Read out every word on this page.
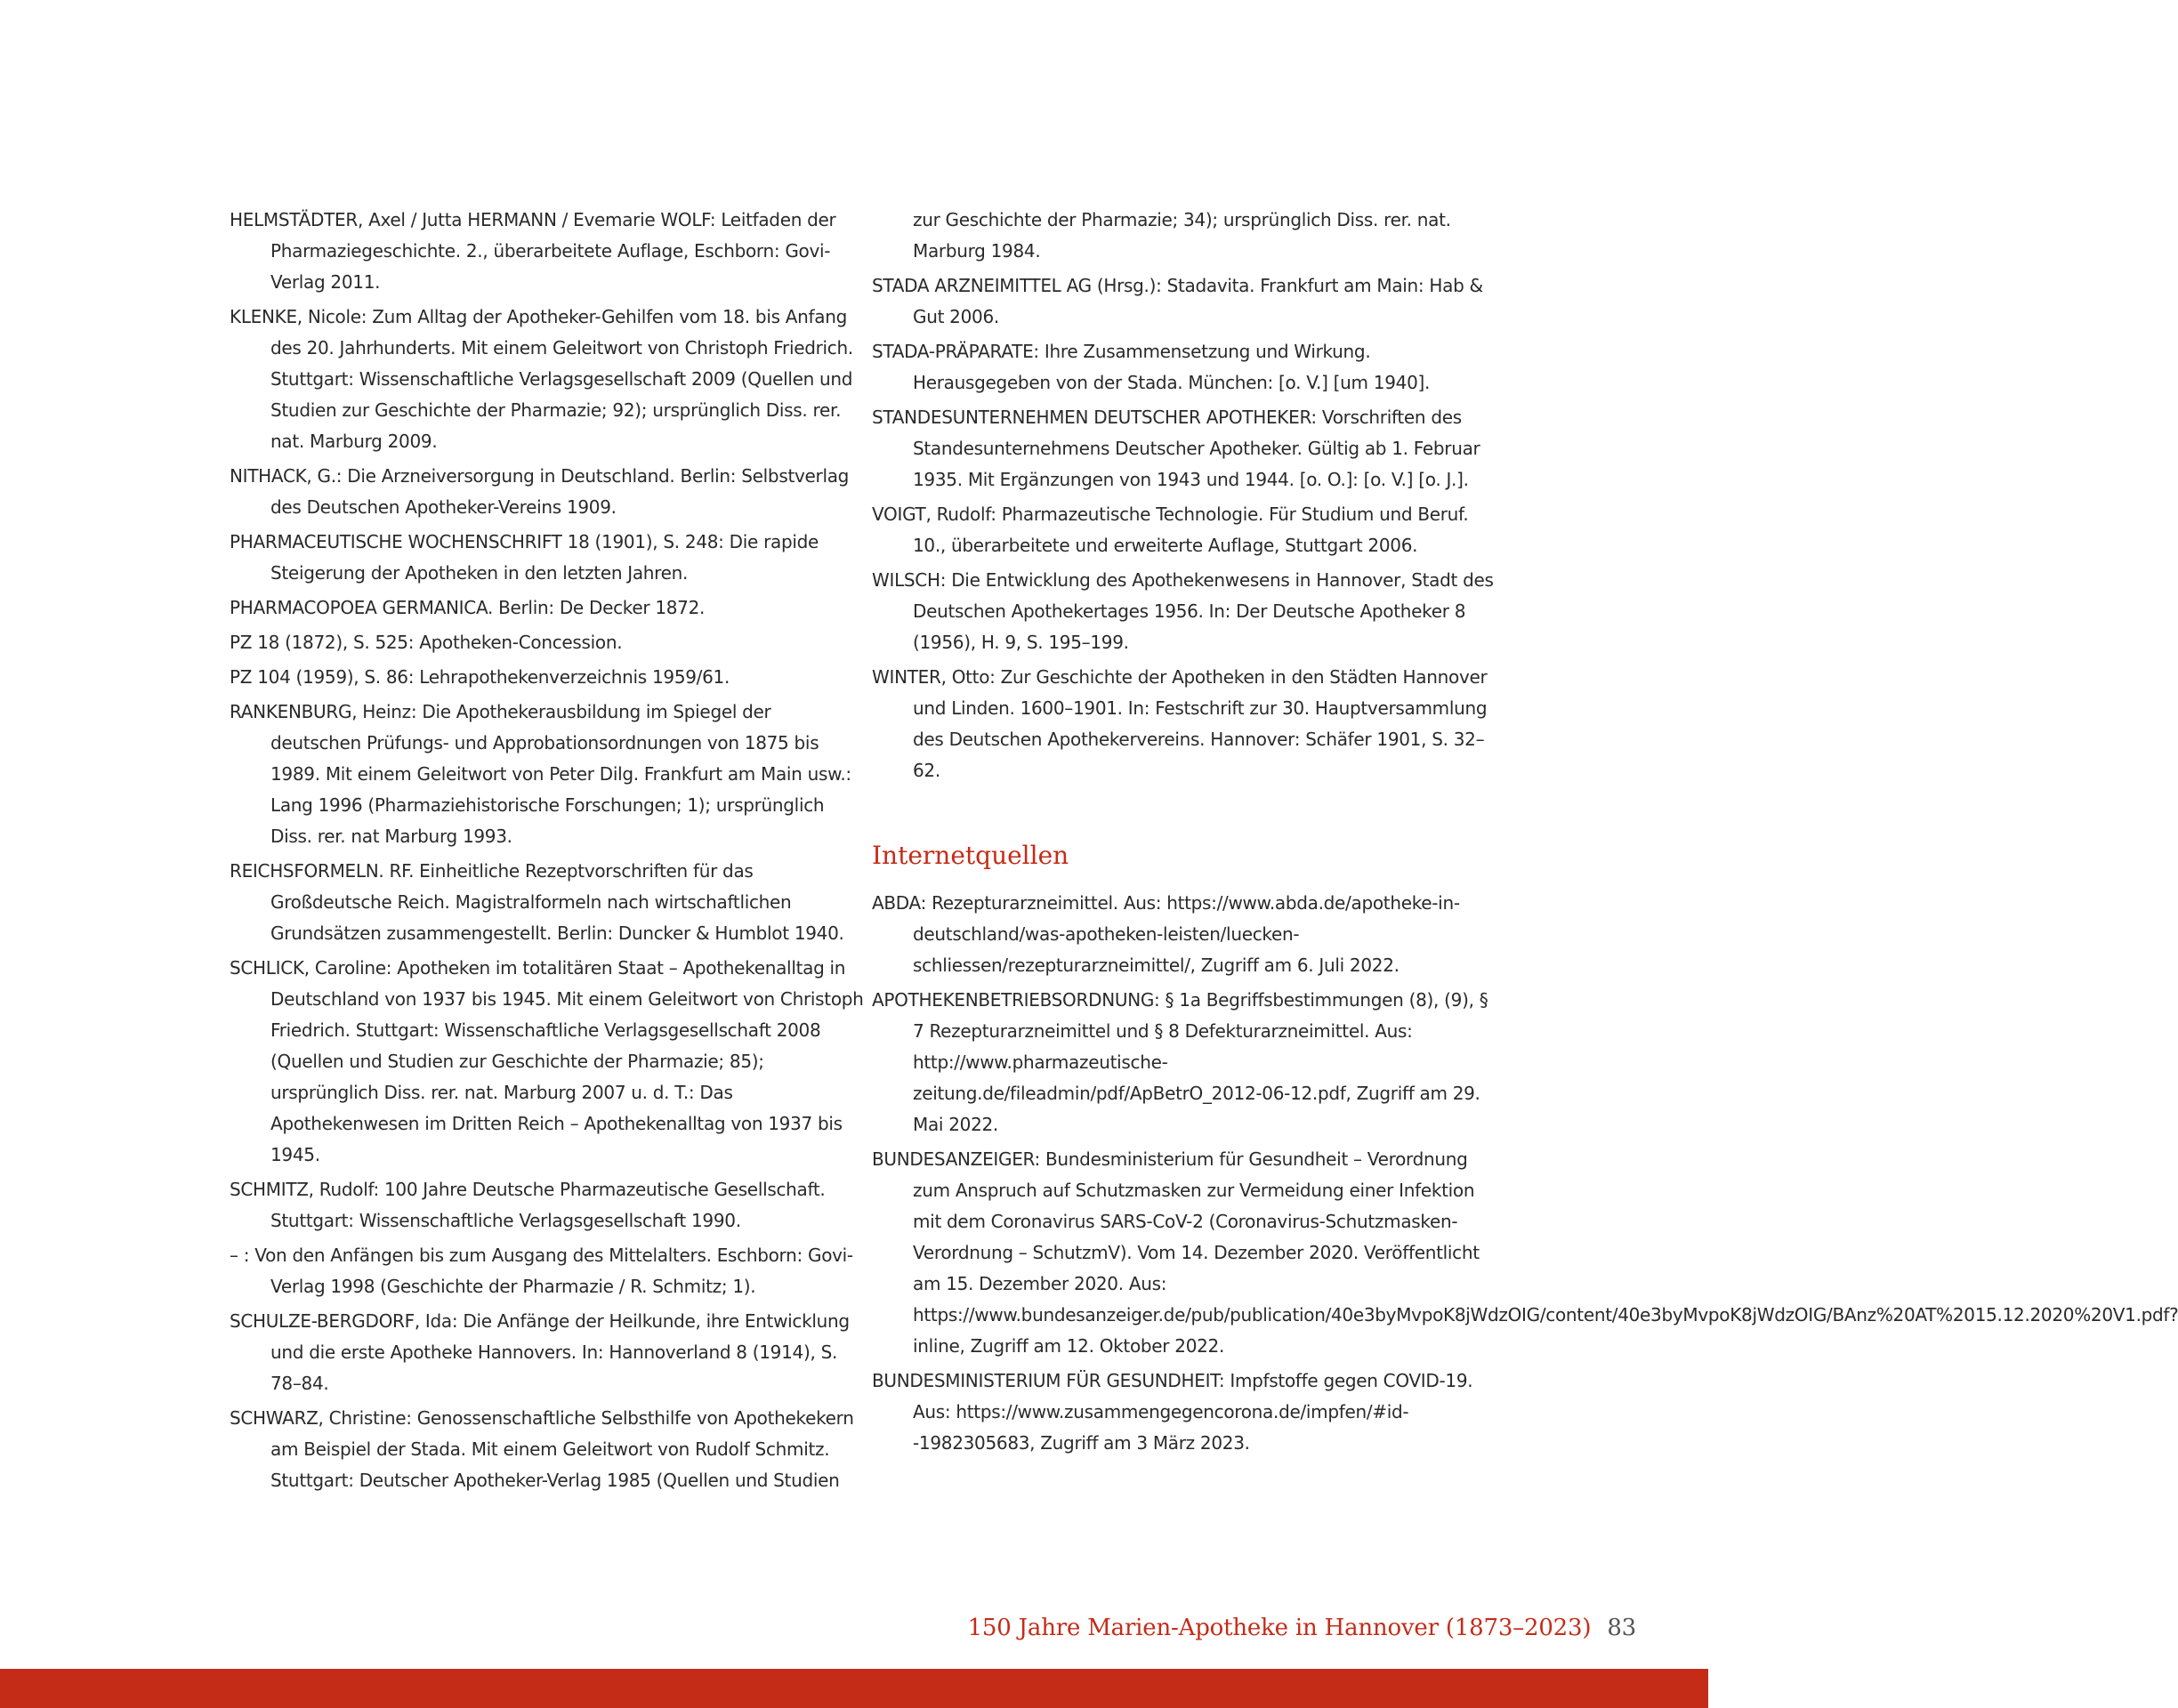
HELMSTÄDTER, Axel / Jutta HERMANN / Evemarie WOLF: Leitfaden der Pharmaziegeschichte. 2., überarbeitete Auflage, Eschborn: Govi-Verlag 2011.

KLENKE, Nicole: Zum Alltag der Apotheker-Gehilfen vom 18. bis Anfang des 20. Jahrhunderts. Mit einem Geleitwort von Christoph Friedrich. Stuttgart: Wissenschaftliche Verlagsgesellschaft 2009 (Quellen und Studien zur Geschichte der Pharmazie; 92); ursprünglich Diss. rer. nat. Marburg 2009.

NITHACK, G.: Die Arzneiversorgung in Deutschland. Berlin: Selbstverlag des Deutschen Apotheker-Vereins 1909.

PHARMACEUTISCHE WOCHENSCHRIFT 18 (1901), S. 248: Die rapide Steigerung der Apotheken in den letzten Jahren.

PHARMACOPOEA GERMANICA. Berlin: De Decker 1872.

PZ 18 (1872), S. 525: Apotheken-Concession.

PZ 104 (1959), S. 86: Lehrapothekenverzeichnis 1959/61.

RANKENBURG, Heinz: Die Apothekerausbildung im Spiegel der deutschen Prüfungs- und Approbationsordnungen von 1875 bis 1989. Mit einem Geleitwort von Peter Dilg. Frankfurt am Main usw.: Lang 1996 (Pharmaziehistorische Forschungen; 1); ursprünglich Diss. rer. nat Marburg 1993.

REICHSFORMELN. RF. Einheitliche Rezeptvorschriften für das Großdeutsche Reich. Magistralformeln nach wirtschaftlichen Grundsätzen zusammengestellt. Berlin: Duncker & Humblot 1940.

SCHLICK, Caroline: Apotheken im totalitären Staat – Apothekenalltag in Deutschland von 1937 bis 1945. Mit einem Geleitwort von Christoph Friedrich. Stuttgart: Wissenschaftliche Verlagsgesellschaft 2008 (Quellen und Studien zur Geschichte der Pharmazie; 85); ursprünglich Diss. rer. nat. Marburg 2007 u. d. T.: Das Apothekenwesen im Dritten Reich – Apothekenalltag von 1937 bis 1945.

SCHMITZ, Rudolf: 100 Jahre Deutsche Pharmazeutische Gesellschaft. Stuttgart: Wissenschaftliche Verlagsgesellschaft 1990.

– : Von den Anfängen bis zum Ausgang des Mittelalters. Eschborn: Govi-Verlag 1998 (Geschichte der Pharmazie / R. Schmitz; 1).

SCHULZE-BERGDORF, Ida: Die Anfänge der Heilkunde, ihre Entwicklung und die erste Apotheke Hannovers. In: Hannoverland 8 (1914), S. 78–84.

SCHWARZ, Christine: Genossenschaftliche Selbsthilfe von Apothekekern am Beispiel der Stada. Mit einem Geleitwort von Rudolf Schmitz. Stuttgart: Deutscher Apotheker-Verlag 1985 (Quellen und Studien

zur Geschichte der Pharmazie; 34); ursprünglich Diss. rer. nat. Marburg 1984.

STADA ARZNEIMITTEL AG (Hrsg.): Stadavita. Frankfurt am Main: Hab & Gut 2006.

STADA-PRÄPARATE: Ihre Zusammensetzung und Wirkung. Herausgegeben von der Stada. München: [o. V.] [um 1940].

STANDESUNTERNEHMEN DEUTSCHER APOTHEKER: Vorschriften des Standesunternehmens Deutscher Apotheker. Gültig ab 1. Februar 1935. Mit Ergänzungen von 1943 und 1944. [o. O.]: [o. V.] [o. J.].

VOIGT, Rudolf: Pharmazeutische Technologie. Für Studium und Beruf. 10., überarbeitete und erweiterte Auflage, Stuttgart 2006.

WILSCH: Die Entwicklung des Apothekenwesens in Hannover, Stadt des Deutschen Apothekertages 1956. In: Der Deutsche Apotheker 8 (1956), H. 9, S. 195–199.

WINTER, Otto: Zur Geschichte der Apotheken in den Städten Hannover und Linden. 1600–1901. In: Festschrift zur 30. Hauptversammlung des Deutschen Apothekervereins. Hannover: Schäfer 1901, S. 32–62.

Internetquellen

ABDA: Rezepturarzneimittel. Aus: https://www.abda.de/apotheke-in-deutschland/was-apotheken-leisten/luecken-schliessen/rezepturarzneimittel/, Zugriff am 6. Juli 2022.

APOTHEKENBETRIEBSORDNUNG: § 1a Begriffsbestimmungen (8), (9), § 7 Rezepturarzneimittel und § 8 Defekturarzneimittel. Aus: http://www.pharmazeutische-zeitung.de/fileadmin/pdf/ApBetrO_2012-06-12.pdf, Zugriff am 29. Mai 2022.

BUNDESANZEIGER: Bundesministerium für Gesundheit – Verordnung zum Anspruch auf Schutzmasken zur Vermeidung einer Infektion mit dem Coronavirus SARS-CoV-2 (Coronavirus-Schutzmasken-Verordnung – SchutzmV). Vom 14. Dezember 2020. Veröffentlicht am 15. Dezember 2020. Aus: https://www.bundesanzeiger.de/pub/publication/40e3byMvpoK8jWdzOIG/content/40e3byMvpoK8jWdzOIG/BAnz%20AT%2015.12.2020%20V1.pdf?inline, Zugriff am 12. Oktober 2022.

BUNDESMINISTERIUM FÜR GESUNDHEIT: Impfstoffe gegen COVID-19. Aus: https://www.zusammengegencorona.de/impfen/#id--1982305683, Zugriff am 3 März 2023.

150 Jahre Marien-Apotheke in Hannover (1873–2023) 83
